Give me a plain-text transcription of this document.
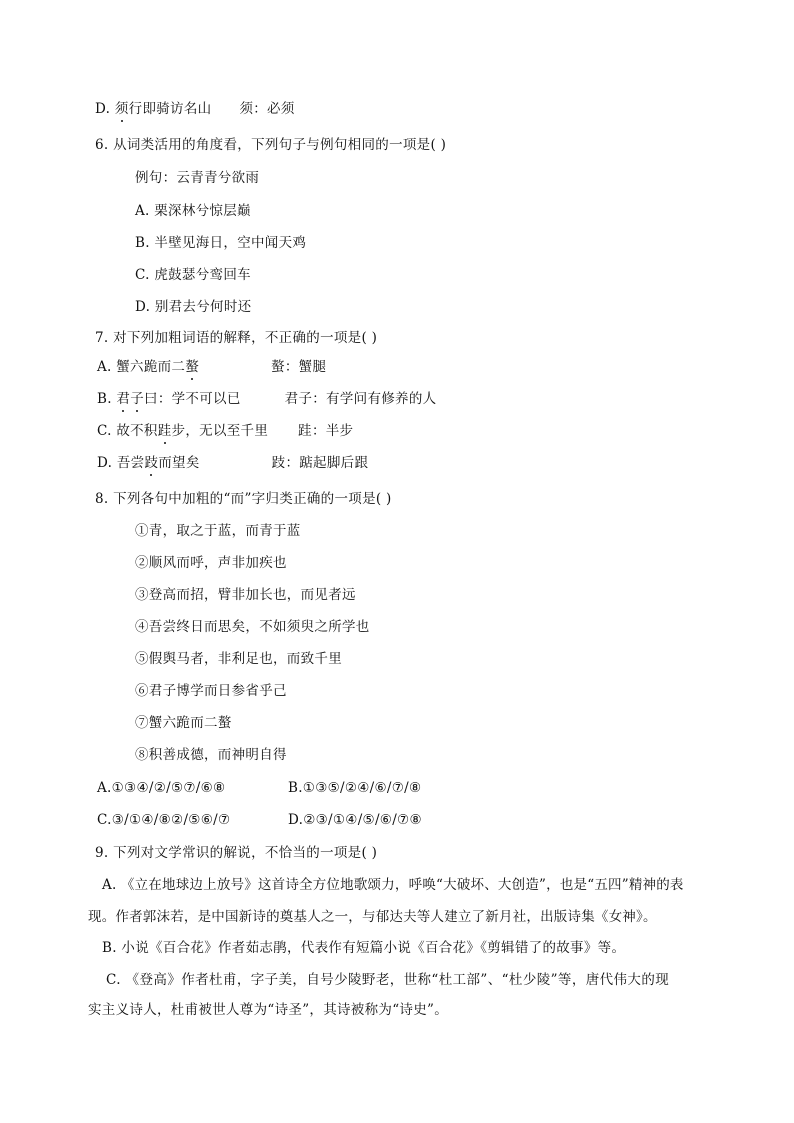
D. 须行即骑访名山 须：必须
6. 从词类活用的角度看，下列句子与例句相同的一项是( )
例句：云青青兮欲雨
A. 栗深林兮惊层巅
B. 半壁见海日，空中闻天鸡
C. 虎鼓瑟兮鸾回车
D. 别君去兮何时还
7. 对下列加粗词语的解释，不正确的一项是( )
A. 蟹六跪而二螯	螯：蟹腿
B. 君子曰：学不可以已	君子：有学问有修养的人
C. 故不积跬步，无以至千里 跬：半步
D. 吾尝跂而望矣	跂：踮起脚后跟
8. 下列各句中加粗的“而”字归类正确的一项是( )
①青，取之于蓝，而青于蓝
②顺风而呼，声非加疾也
③登高而招，臂非加长也，而见者远
④吾尝终日而思矣，不如须臾之所学也
⑤假舆马者，非利足也，而致千里
⑥君子博学而日参省乎己
⑦蟹六跪而二螯
⑧积善成德，而神明自得
A.①③④/②/⑤⑦/⑥⑧	B.①③⑤/②④/⑥/⑦/⑧
C.③/①④/⑧②/⑤⑥/⑦	D.②③/①④/⑤/⑥/⑦⑧
9. 下列对文学常识的解说，不恰当的一项是( )
A. 《立在地球边上放号》这首诗全方位地歌颂力，呼唤“大破坏、大创造”，也是“五四”精神的表
现。作者郭沫若，是中国新诗的奠基人之一，与郁达夫等人建立了新月社，出版诗集《女神》。
B. 小说《百合花》作者茹志鹃，代表作有短篇小说《百合花》《剪辑错了的故事》等。
C. 《登高》作者杜甫，字子美，自号少陵野老，世称“杜工部”、“杜少陵”等，唐代伟大的现
实主义诗人，杜甫被世人尊为“诗圣”，其诗被称为“诗史”。
